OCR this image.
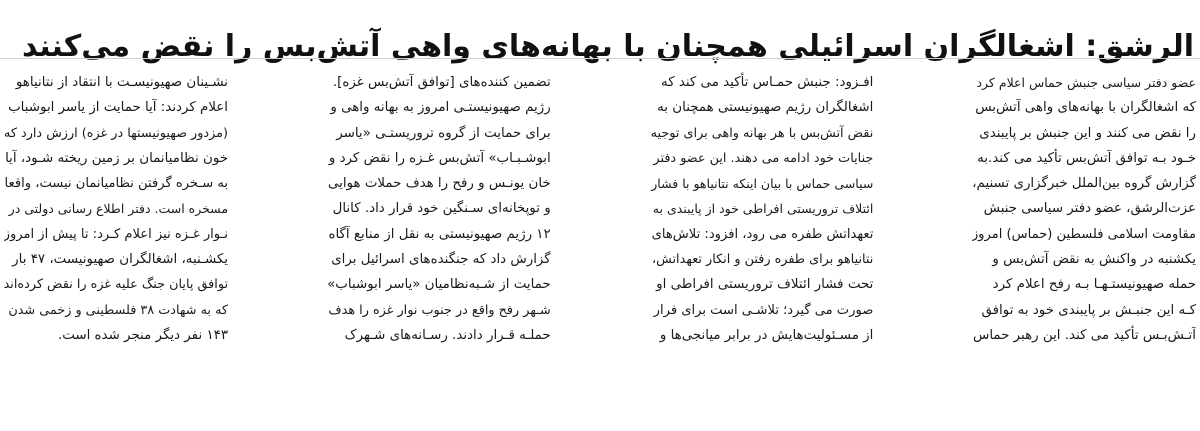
الرشق: اشغالگران اسرائیلی همچنان با بهانه‌های واهی آتش‌بس را نقض می‌کنند
عضو دفتر سیاسی جنبش حماس اعلام کرد
که اشغالگران با بهانه‌های واهی آتش‌بس
را نقض می کنند و این جنبش بر پایبندی
خـود بـه توافق آتش‌بس تأکید می کند.به
گزارش گروه بین‌الملل خبرگزاری تسنیم،
عزت‌الرشق، عضو دفتر سیاسی جنبش
مقاومت اسلامی فلسطین (حماس) امروز
یکشنبه در واکنش به نقض آتش‌بس و
حمله صهیونیستـهـا بـه رفح اعلام کرد
کـه این جنبـش بر پایبندی خود به توافق
آتـش‌بـس تأکید می کند. این رهبر حماس
افـزود: جنبش حمـاس تأکید می کند که
اشغالگران رژیم صهیونیستی همچنان به
نقض آتش‌بس با هر بهانه واهی برای توجیه
جنایات خود ادامه می دهند. این عضو دفتر
سیاسی حماس با بیان اینکه نتانیاهو با فشار
ائتلاف تروریستی افراطی خود از پایبندی به
تعهداتش طفره می رود، افزود: تلاش‌های
نتانیاهو برای طفره رفتن و انکار تعهداتش،
تحت فشار ائتلاف تروریستی افراطی او
صورت می گیرد؛ تلاشـی است برای فرار
از مسـئولیت‌هایش در برابر میانجی‌ها و
تضمین کننده‌های [توافق آتش‌بس غزه].
رژیم صهیونیستـی امروز به بهانه واهی و
برای حمایت از گروه تروریستـی «یاسر
ابوشـبـاب» آتش‌بس غـزه را نقض کرد و
خان یونـس و رفح را هدف حملات هوایی
و توپخانه‌ای سـنگین خود قرار داد. کانال
۱۲ رژیم صهیونیستی به نقل از منابع آگاه
گزارش داد که جنگنده‌های اسرائیل برای
حمایت از شـبه‌نظامیان «یاسر ابوشباب»
شـهر رفح واقع در جنوب نوار غزه را هدف
حملـه قـرار دادند. رسـانه‌های شـهرک
نشـینان صهیونیسـت با انتقاد از نتانیاهو
اعلام کردند: آیا حمایت از یاسر ابوشباب
(مزدور صهیونیستها در غزه) ارزش دارد که
خون نظامیانمان بر زمین ریخته شـود، آیا
به سـخره گرفتن نظامیانمان نیست، واقعا
مسخره است. دفتر اطلاع رسانی دولتی در
نـوار غـزه نیز اعلام کـرد: تا پیش از امروز
یکشـنبه، اشغالگران صهیونیست، ۴۷ بار
توافق پایان جنگ علیه غزه را نقض کرده‌اند
که به شهادت ۳۸ فلسطینی و زخمی شدن
۱۴۳ نفر دیگر منجر شده است.
